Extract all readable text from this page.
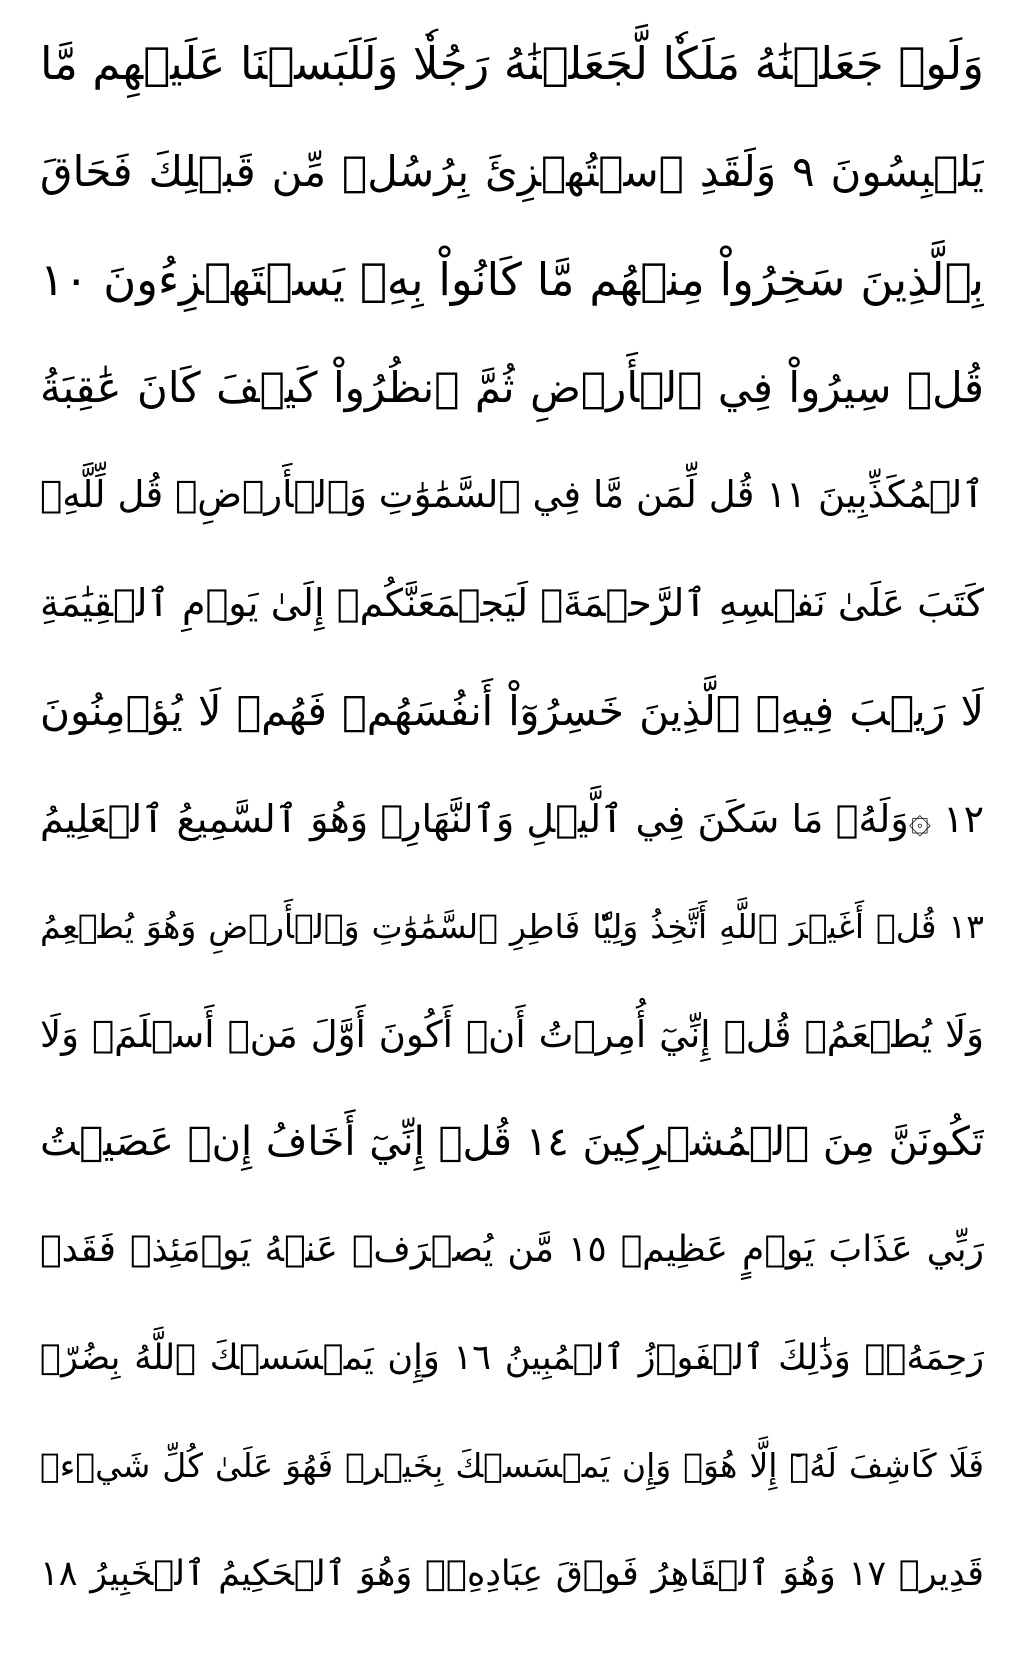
وَلَوۡ جَعَلۡنَٰهُ مَلَكٗا لَّجَعَلۡنَٰهُ رَجُلٗا وَلَلَبَسۡنَا عَلَيۡهِم مَّا
يَلۡبِسُونَ ٩ وَلَقَدِ ٱسۡتُهۡزِئَ بِرُسُلٖ مِّن قَبۡلِكَ فَحَاقَ
بِٱلَّذِينَ سَخِرُواْ مِنۡهُم مَّا كَانُواْ بِهِۦ يَسۡتَهۡزِءُونَ ١٠
قُلۡ سِيرُواْ فِي ٱلۡأَرۡضِ ثُمَّ ٱنظُرُواْ كَيۡفَ كَانَ عَٰقِبَةُ
ٱلۡمُكَذِّبِينَ ١١ قُل لِّمَن مَّا فِي ٱلسَّمَٰوَٰتِ وَٱلۡأَرۡضِۖ قُل لِّلَّهِۚ
كَتَبَ عَلَىٰ نَفۡسِهِ ٱلرَّحۡمَةَۚ لَيَجۡمَعَنَّكُمۡ إِلَىٰ يَوۡمِ ٱلۡقِيَٰمَةِ
لَا رَيۡبَ فِيهِۚ ٱلَّذِينَ خَسِرُوٓاْ أَنفُسَهُمۡ فَهُمۡ لَا يُؤۡمِنُونَ
١٢ ۞وَلَهُۥ مَا سَكَنَ فِي ٱلَّيۡلِ وَٱلنَّهَارِۚ وَهُوَ ٱلسَّمِيعُ ٱلۡعَلِيمُ
١٣ قُلۡ أَغَيۡرَ ٱللَّهِ أَتَّخِذُ وَلِيّٗا فَاطِرِ ٱلسَّمَٰوَٰتِ وَٱلۡأَرۡضِ وَهُوَ يُطۡعِمُ
وَلَا يُطۡعَمُۗ قُلۡ إِنِّيٓ أُمِرۡتُ أَنۡ أَكُونَ أَوَّلَ مَنۡ أَسۡلَمَۖ وَلَا
تَكُونَنَّ مِنَ ٱلۡمُشۡرِكِينَ ١٤ قُلۡ إِنِّيٓ أَخَافُ إِنۡ عَصَيۡتُ
رَبِّي عَذَابَ يَوۡمٍ عَظِيمٖ ١٥ مَّن يُصۡرَفۡ عَنۡهُ يَوۡمَئِذٖ فَقَدۡ
رَحِمَهُۥۚ وَذَٰلِكَ ٱلۡفَوۡزُ ٱلۡمُبِينُ ١٦ وَإِن يَمۡسَسۡكَ ٱللَّهُ بِضُرّٖ
فَلَا كَاشِفَ لَهُۥٓ إِلَّا هُوَۖ وَإِن يَمۡسَسۡكَ بِخَيۡرٖ فَهُوَ عَلَىٰ كُلِّ شَيۡءٖ
قَدِيرٞ ١٧ وَهُوَ ٱلۡقَاهِرُ فَوۡقَ عِبَادِهِۦۚ وَهُوَ ٱلۡحَكِيمُ ٱلۡخَبِيرُ ١٨
